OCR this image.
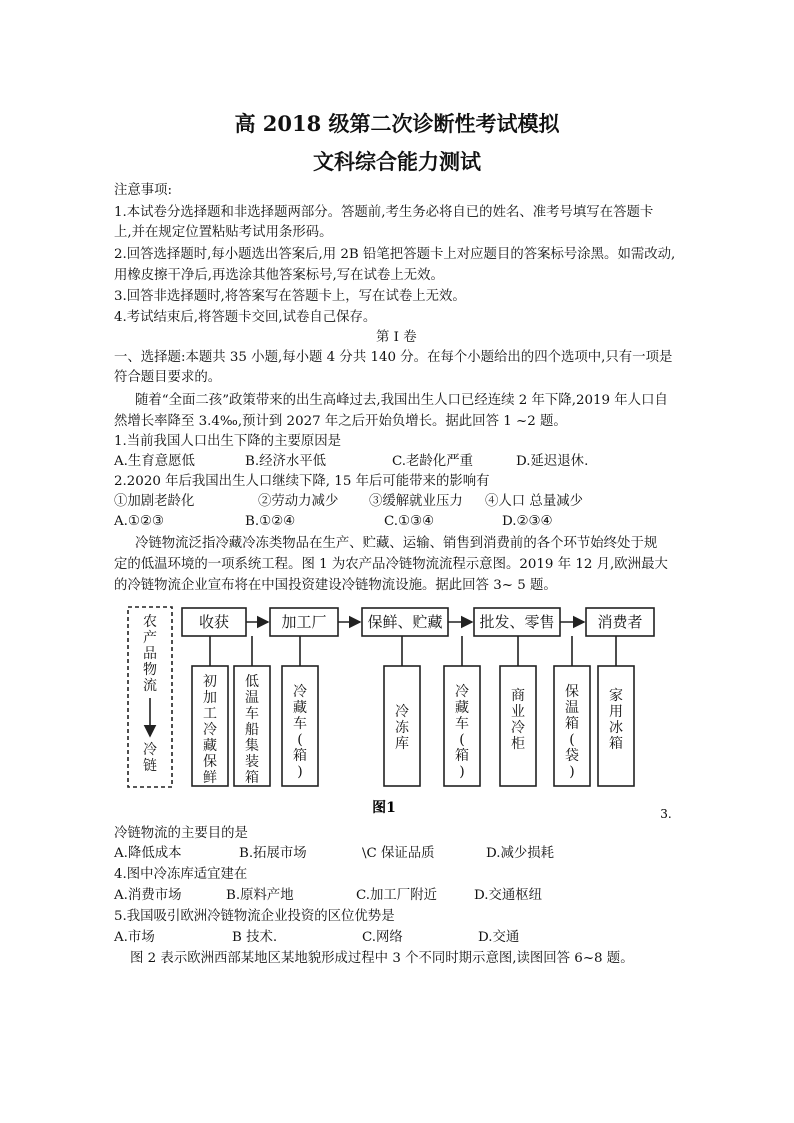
高 2018 级第二次诊断性考试模拟
文科综合能力测试
注意事项:
1.本试卷分选择题和非选择题两部分。答题前,考生务必将自已的姓名、准考号填写在答题卡
上,并在规定位置粘贴考试用条形码。
2.回答选择题时,每小题选出答案后,用 2B 铅笔把答题卡上对应题目的答案标号涂黑。如需改动,
用橡皮擦干净后,再选涂其他答案标号,写在试卷上无效。
3.回答非选择题时,将答案写在答题卡上，写在试卷上无效。
4.考试结束后,将答题卡交回,试卷自己保存。
第 I 卷
一、选择题:本题共 35 小题,每小题 4 分共 140 分。在每个小题给出的四个选项中,只有一项是
符合题目要求的。
随着“全面二孩”政策带来的出生高峰过去,我国出生人口已经连续 2 年下降,2019 年人口自
然增长率降至 3.4‰,预计到 2027 年之后开始负增长。据此回答 1 ~2 题。
1.当前我国人口出生下降的主要原因是
A.生育意愿低	B.经济水平低	C.老龄化严重	D.延迟退休.
2.2020 年后我国出生人口继续下降, 15 年后可能带来的影响有
①加剧老龄化	②劳动力减少 ③缓解就业压力 ④人口 总量减少
A.①②③	B.①②④	C.①③④	D.②③④
冷链物流泛指冷藏冷冻类物品在生产、贮藏、运输、销售到消费前的各个环节始终处于规
定的低温环境的一项系统工程。图 1 为农产品冷链物流流程示意图。2019 年 12 月,欧洲最大
的冷链物流企业宣布将在中国投资建设冷链物流设施。据此回答 3~ 5 题。
农
产
品
物
流
冷
链
收获	加工厂	保鲜、贮藏 批发、零售	消费者
初
加
工
冷
藏
保
鲜
低
温
车
船
集
装
箱
冷
藏
车
(
箱
)
冷
冻
库
冷
藏
车
(
箱
)
商
业
冷
柜
保
温
箱
(
袋
)
家
用
冰
箱
图1	3.
冷链物流的主要目的是
A.降低成本	B.拓展市场	\C 保证品质	D.减少损耗
4.图中冷冻库适宜建在
A.消费市场	B.原料产地	C.加工厂附近	D.交通枢纽
5.我国吸引欧洲冷链物流企业投资的区位优势是
A.市场	B 技术.	C.网络	D.交通
图 2 表示欧洲西部某地区某地貌形成过程中 3 个不同时期示意图,读图回答 6~8 题。
